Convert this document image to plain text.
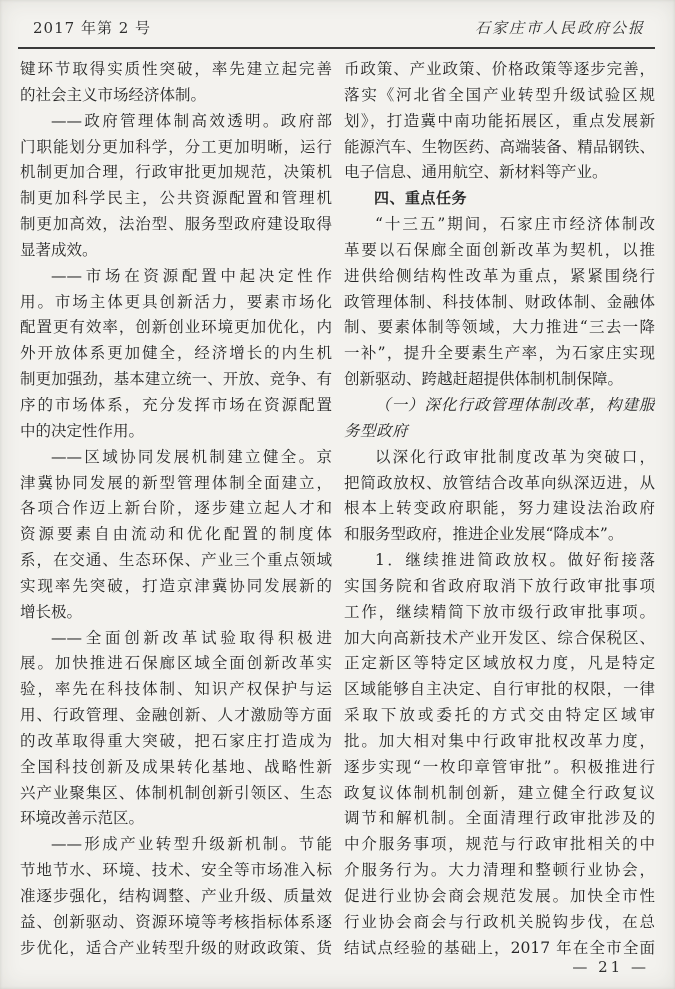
2017 年第 2 号	石家庄市人民政府公报
键环节取得实质性突破，率先建立起完善
的社会主义市场经济体制。
——政府管理体制高效透明。政府部
门职能划分更加科学，分工更加明晰，运行
机制更加合理，行政审批更加规范，决策机
制更加科学民主，公共资源配置和管理机
制更加高效，法治型、服务型政府建设取得
显著成效。
——市场在资源配置中起决定性作
用。市场主体更具创新活力，要素市场化
配置更有效率，创新创业环境更加优化，内
外开放体系更加健全，经济增长的内生机
制更加强劲，基本建立统一、开放、竞争、有
序的市场体系，充分发挥市场在资源配置
中的决定性作用。
——区域协同发展机制建立健全。京
津冀协同发展的新型管理体制全面建立，
各项合作迈上新台阶，逐步建立起人才和
资源要素自由流动和优化配置的制度体
系，在交通、生态环保、产业三个重点领域
实现率先突破，打造京津冀协同发展新的
增长极。
——全面创新改革试验取得积极进
展。加快推进石保廊区域全面创新改革实
验，率先在科技体制、知识产权保护与运
用、行政管理、金融创新、人才激励等方面
的改革取得重大突破，把石家庄打造成为
全国科技创新及成果转化基地、战略性新
兴产业聚集区、体制机制创新引领区、生态
环境改善示范区。
——形成产业转型升级新机制。节能
节地节水、环境、技术、安全等市场准入标
准逐步强化，结构调整、产业升级、质量效
益、创新驱动、资源环境等考核指标体系逐
步优化，适合产业转型升级的财政政策、货
币政策、产业政策、价格政策等逐步完善，
落实《河北省全国产业转型升级试验区规
划》，打造冀中南功能拓展区，重点发展新
能源汽车、生物医药、高端装备、精品钢铁、
电子信息、通用航空、新材料等产业。
四、重点任务
“十三五”期间，石家庄市经济体制改
革要以石保廊全面创新改革为契机，以推
进供给侧结构性改革为重点，紧紧围绕行
政管理体制、科技体制、财政体制、金融体
制、要素体制等领域，大力推进“三去一降
一补”，提升全要素生产率，为石家庄实现
创新驱动、跨越赶超提供体制机制保障。
（一）深化行政管理体制改革，构建服
务型政府
以深化行政审批制度改革为突破口，
把简政放权、放管结合改革向纵深迈进，从
根本上转变政府职能，努力建设法治政府
和服务型政府，推进企业发展“降成本”。
1．继续推进简政放权。做好衔接落
实国务院和省政府取消下放行政审批事项
工作，继续精简下放市级行政审批事项。
加大向高新技术产业开发区、综合保税区、
正定新区等特定区域放权力度，凡是特定
区域能够自主决定、自行审批的权限，一律
采取下放或委托的方式交由特定区域审
批。加大相对集中行政审批权改革力度，
逐步实现“一枚印章管审批”。积极推进行
政复议体制机制创新，建立健全行政复议
调节和解机制。全面清理行政审批涉及的
中介服务事项，规范与行政审批相关的中
介服务行为。大力清理和整顿行业协会，
促进行业协会商会规范发展。加快全市性
行业协会商会与行政机关脱钩步伐，在总
结试点经验的基础上，2017 年在全市全面
— 21 —
